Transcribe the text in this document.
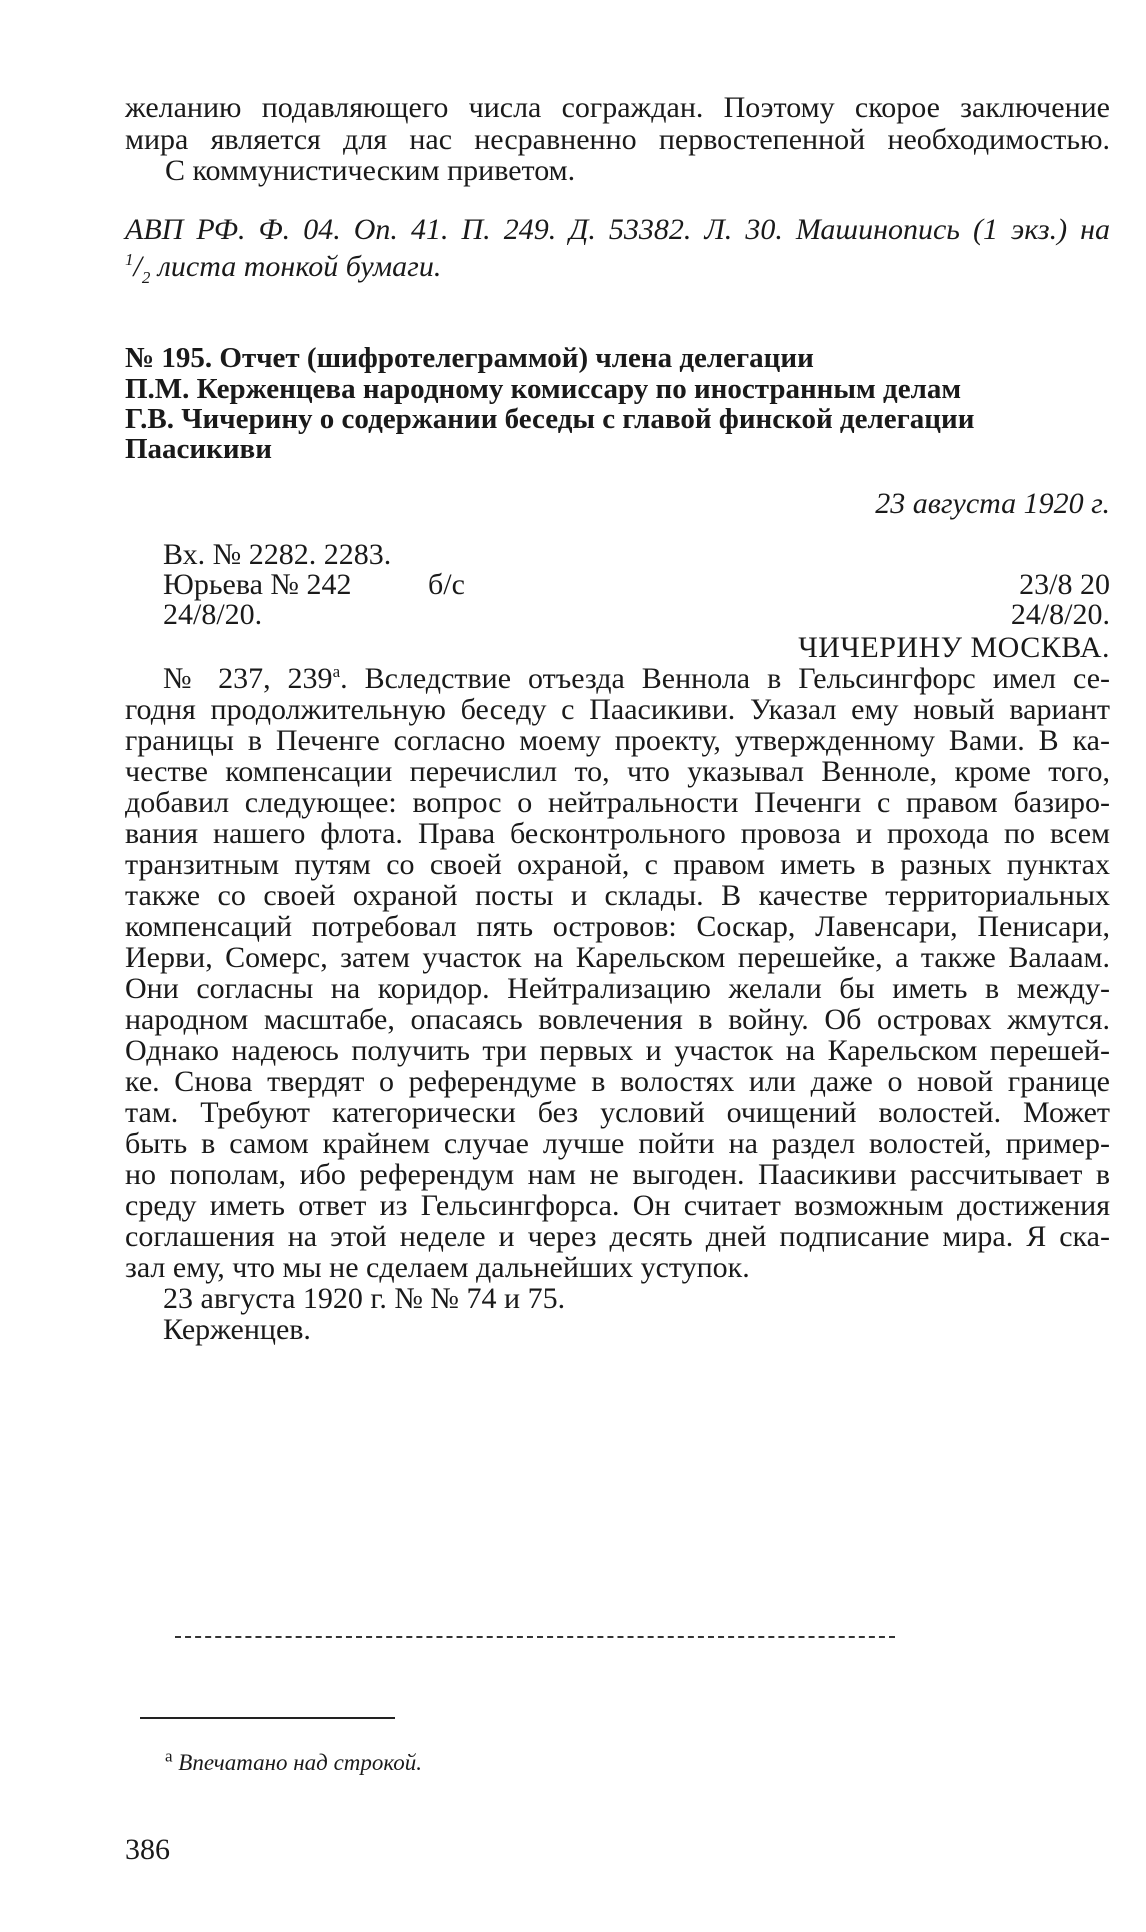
желанию подавляющего числа сограждан. Поэтому скорое заключение
мира является для нас несравненно первостепенной необходимостью.
С коммунистическим приветом.
АВП РФ. Ф. 04. Оп. 41. П. 249. Д. 53382. Л. 30. Машинопись (1 экз.) на
$^1/_2$ листа тонкой бумаги.
№ 195. Отчет (шифротелеграммой) члена делегации
П.М. Керженцева народному комиссару по иностранным делам
Г.В. Чичерину о содержании беседы с главой финской делегации
Паасикиви
23 августа 1920 г.
Вх. № 2282. 2283.
Юрьева № 242	б/с	23/8 20
24/8/20.	24/8/20.
ЧИЧЕРИНУ МОСКВА.
№ 237, $239^а$. Вследствие отъезда Веннола в Гельсингфорс имел се-
годня продолжительную беседу с Паасикиви. Указал ему новый вариант
границы в Печенге согласно моему проекту, утвержденному Вами. В ка-
честве компенсации перечислил то, что указывал Венноле, кроме того,
добавил следующее: вопрос о нейтральности Печенги с правом базиро-
вания нашего флота. Права бесконтрольного провоза и прохода по всем
транзитным путям со своей охраной, с правом иметь в разных пунктах
также со своей охраной посты и склады. В качестве территориальных
компенсаций потребовал пять островов: Соскар, Лавенсари, Пенисари,
Иерви, Сомерс, затем участок на Карельском перешейке, а также Валаам.
Они согласны на коридор. Нейтрализацию желали бы иметь в между-
народном масштабе, опасаясь вовлечения в войну. Об островах жмутся.
Однако надеюсь получить три первых и участок на Карельском перешей-
ке. Снова твердят о референдуме в волостях или даже о новой границе
там. Требуют категорически без условий очищений волостей. Может
быть в самом крайнем случае лучше пойти на раздел волостей, пример-
но пополам, ибо референдум нам не выгоден. Паасикиви рассчитывает в
среду иметь ответ из Гельсингфорса. Он считает возможным достижения
соглашения на этой неделе и через десять дней подписание мира. Я ска-
зал ему, что мы не сделаем дальнейших уступок.
23 августа 1920 г. № № 74 и 75.
Керженцев.
$^а$ Впечатано над строкой.
386
